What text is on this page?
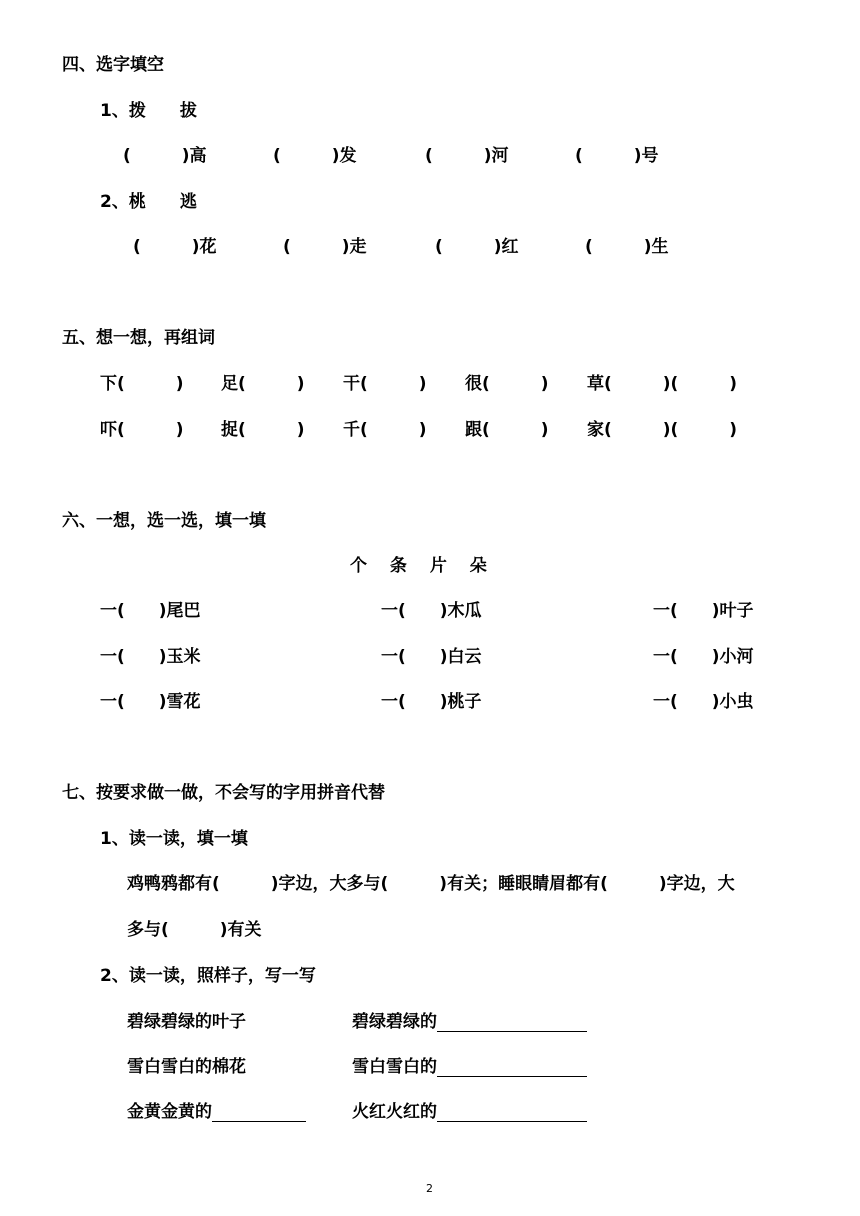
四、选字填空
1、拨　　拔
(　　　)高	(　　　)发	(　　　)河	(　　　)号
2、桃　　逃
(　　　)花	(　　　)走	(　　　)红	(　　　)生
五、想一想，再组词
下(　　　) 足(　　　) 干(　　　) 很(　　　) 草(　　　)(　　　)
吓(　　　) 捉(　　　) 千(　　　) 跟(　　　) 家(　　　)(　　　)
六、一想，选一选，填一填
个　 条　 片　 朵
一(　　)尾巴	一(　　)木瓜	一(　　)叶子
一(　　)玉米	一(　　)白云	一(　　)小河
一(　　)雪花	一(　　)桃子	一(　　)小虫
七、按要求做一做，不会写的字用拼音代替
1、读一读，填一填
鸡鸭鸦都有(　　　)字边，大多与(　　　)有关；睡眼睛眉都有(　　　)字边，大
多与(　　　)有关
2、读一读，照样子，写一写
碧绿碧绿的叶子	碧绿碧绿的
雪白雪白的棉花	雪白雪白的
金黄金黄的	火红火红的
2
